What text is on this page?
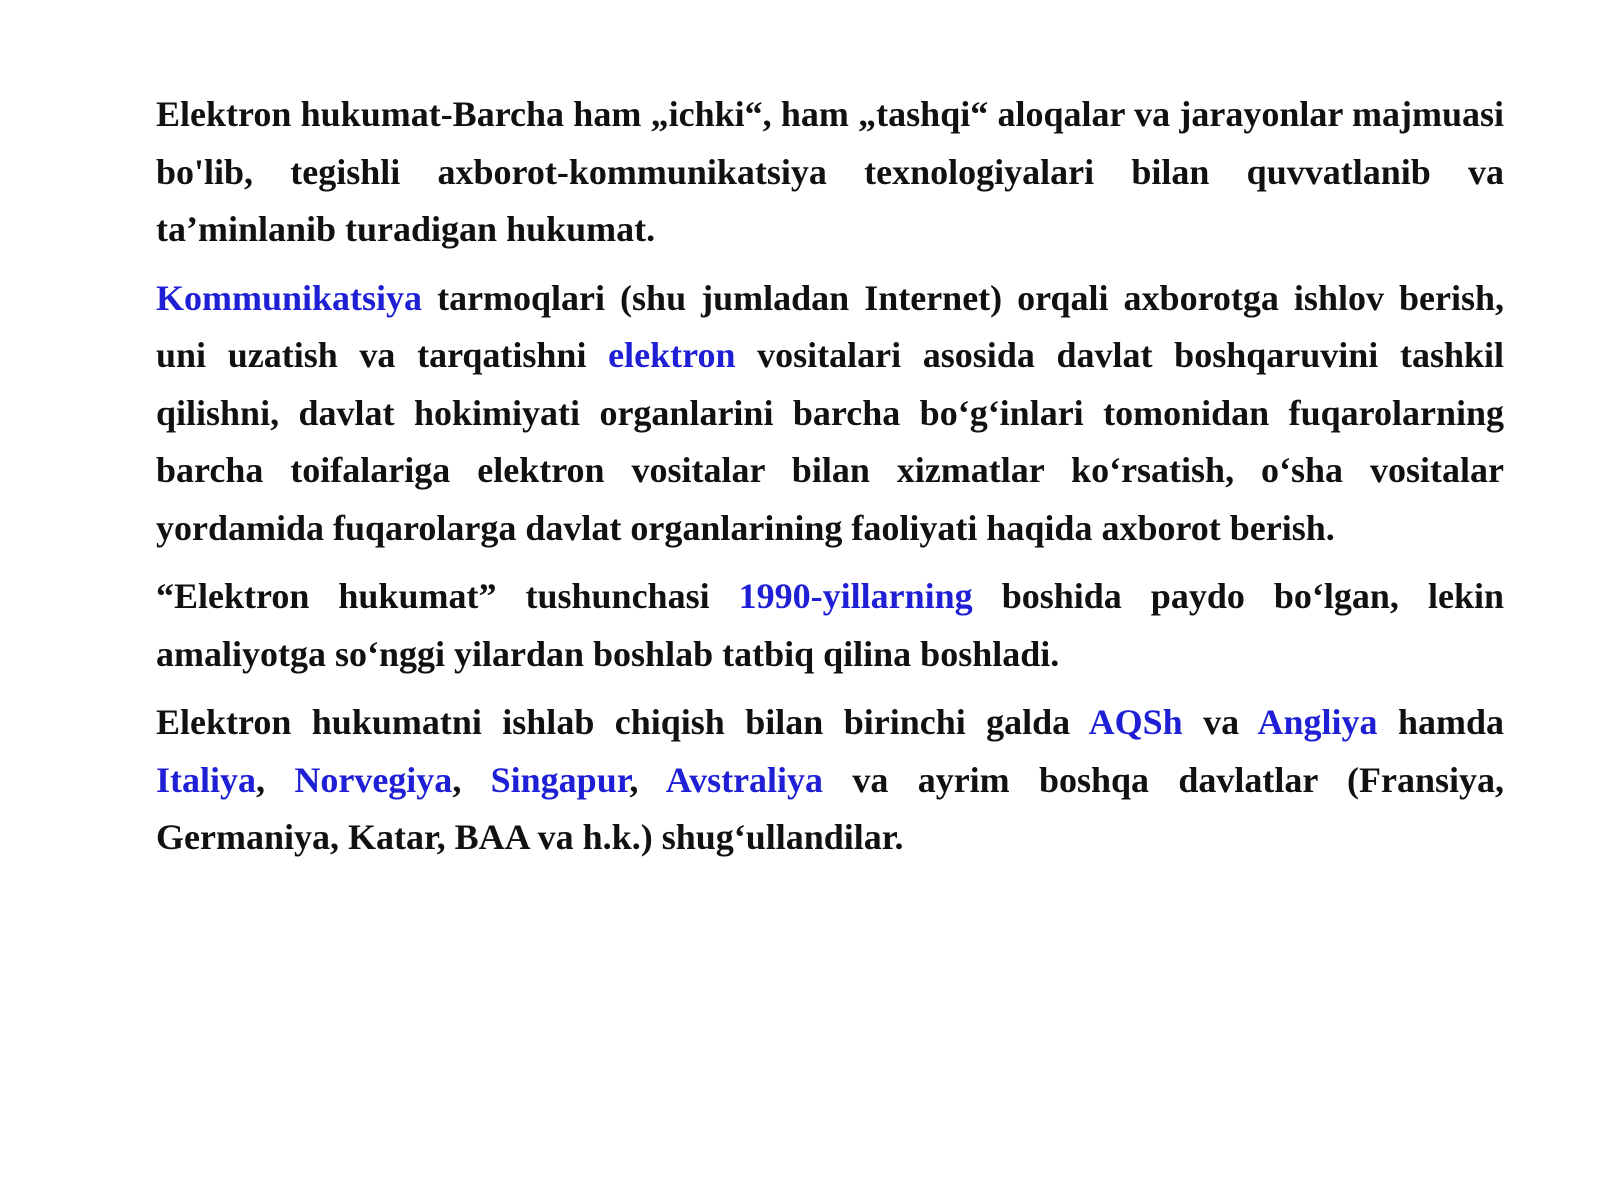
Elektron hukumat-Barcha ham „ichki“, ham „tashqi“ aloqalar va jarayonlar majmuasi bo'lib, tegishli axborot-kommunikatsiya texnologiyalari bilan quvvatlanib va ta’minlanib turadigan hukumat.

Kommunikatsiya tarmoqlari (shu jumladan Internet) orqali axborotga ishlov berish, uni uzatish va tarqatishni elektron vositalari asosida davlat boshqaruvini tashkil qilishni, davlat hokimiyati organlarini barcha bo‘g‘inlari tomonidan fuqarolarning barcha toifalariga elektron vositalar bilan xizmatlar ko‘rsatish, o‘sha vositalar yordamida fuqarolarga davlat organlarining faoliyati haqida axborot berish.

“Elektron hukumat” tushunchasi 1990-yillarning boshida paydo bo‘lgan, lekin amaliyotga so‘nggi yilardan boshlab tatbiq qilina boshladi.

Elektron hukumatni ishlab chiqish bilan birinchi galda AQSh va Angliya hamda Italiya, Norvegiya, Singapur, Avstraliya va ayrim boshqa davlatlar (Fransiya, Germaniya, Katar, BAA va h.k.) shug‘ullandilar.
